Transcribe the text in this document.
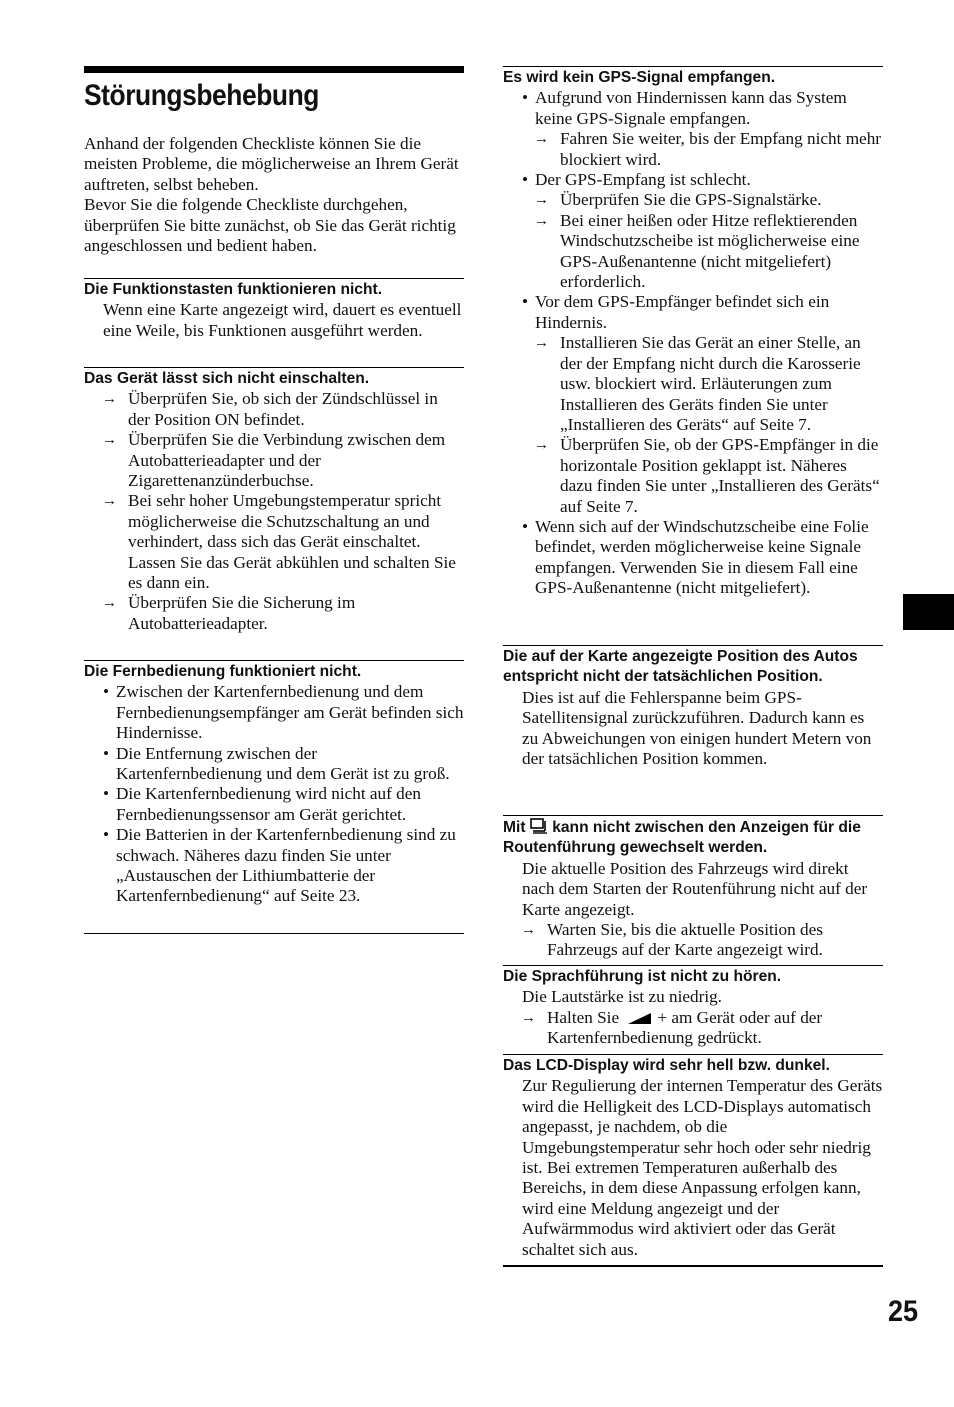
Störungsbehebung

Anhand der folgenden Checkliste können Sie die meisten Probleme, die möglicherweise an Ihrem Gerät auftreten, selbst beheben.

Bevor Sie die folgende Checkliste durchgehen, überprüfen Sie bitte zunächst, ob Sie das Gerät richtig angeschlossen und bedient haben.

Die Funktionstasten funktionieren nicht.
Wenn eine Karte angezeigt wird, dauert es eventuell eine Weile, bis Funktionen ausgeführt werden.
Das Gerät lässt sich nicht einschalten.
→ Überprüfen Sie, ob sich der Zündschlüssel in der Position ON befindet.
→ Überprüfen Sie die Verbindung zwischen dem Autobatterieadapter und der Zigarettenanzünderbuchse.
→ Bei sehr hoher Umgebungstemperatur spricht möglicherweise die Schutzschaltung an und verhindert, dass sich das Gerät einschaltet. Lassen Sie das Gerät abkühlen und schalten Sie es dann ein.
→ Überprüfen Sie die Sicherung im Autobatterieadapter.
Die Fernbedienung funktioniert nicht.
• Zwischen der Kartenfernbedienung und dem Fernbedienungsempfänger am Gerät befinden sich Hindernisse.
• Die Entfernung zwischen der Kartenfernbedienung und dem Gerät ist zu groß.
• Die Kartenfernbedienung wird nicht auf den Fernbedienungssensor am Gerät gerichtet.
• Die Batterien in der Kartenfernbedienung sind zu schwach. Näheres dazu finden Sie unter „Austauschen der Lithiumbatterie der Kartenfernbedienung“ auf Seite 23.
Es wird kein GPS-Signal empfangen.
• Aufgrund von Hindernissen kann das System keine GPS-Signale empfangen.
→ Fahren Sie weiter, bis der Empfang nicht mehr blockiert wird.
• Der GPS-Empfang ist schlecht.
→ Überprüfen Sie die GPS-Signalstärke.
→ Bei einer heißen oder Hitze reflektierenden Windschutzscheibe ist möglicherweise eine GPS-Außenantenne (nicht mitgeliefert) erforderlich.
• Vor dem GPS-Empfänger befindet sich ein Hindernis.
→ Installieren Sie das Gerät an einer Stelle, an der der Empfang nicht durch die Karosserie usw. blockiert wird. Erläuterungen zum Installieren des Geräts finden Sie unter „Installieren des Geräts“ auf Seite 7.
→ Überprüfen Sie, ob der GPS-Empfänger in die horizontale Position geklappt ist. Näheres dazu finden Sie unter „Installieren des Geräts“ auf Seite 7.
• Wenn sich auf der Windschutzscheibe eine Folie befindet, werden möglicherweise keine Signale empfangen. Verwenden Sie in diesem Fall eine GPS-Außenantenne (nicht mitgeliefert).
Die auf der Karte angezeigte Position des Autos entspricht nicht der tatsächlichen Position.
Dies ist auf die Fehlerspanne beim GPS-Satellitensignal zurückzuführen. Dadurch kann es zu Abweichungen von einigen hundert Metern von der tatsächlichen Position kommen.
Mit kann nicht zwischen den Anzeigen für die Routenführung gewechselt werden.
Die aktuelle Position des Fahrzeugs wird direkt nach dem Starten der Routenführung nicht auf der Karte angezeigt.
→ Warten Sie, bis die aktuelle Position des Fahrzeugs auf der Karte angezeigt wird.
Die Sprachführung ist nicht zu hören.
Die Lautstärke ist zu niedrig.
→ Halten Sie + am Gerät oder auf der Kartenfernbedienung gedrückt.
Das LCD-Display wird sehr hell bzw. dunkel.
Zur Regulierung der internen Temperatur des Geräts wird die Helligkeit des LCD-Displays automatisch angepasst, je nachdem, ob die Umgebungstemperatur sehr hoch oder sehr niedrig ist. Bei extremen Temperaturen außerhalb des Bereichs, in dem diese Anpassung erfolgen kann, wird eine Meldung angezeigt und der Aufwärmmodus wird aktiviert oder das Gerät schaltet sich aus.
25
